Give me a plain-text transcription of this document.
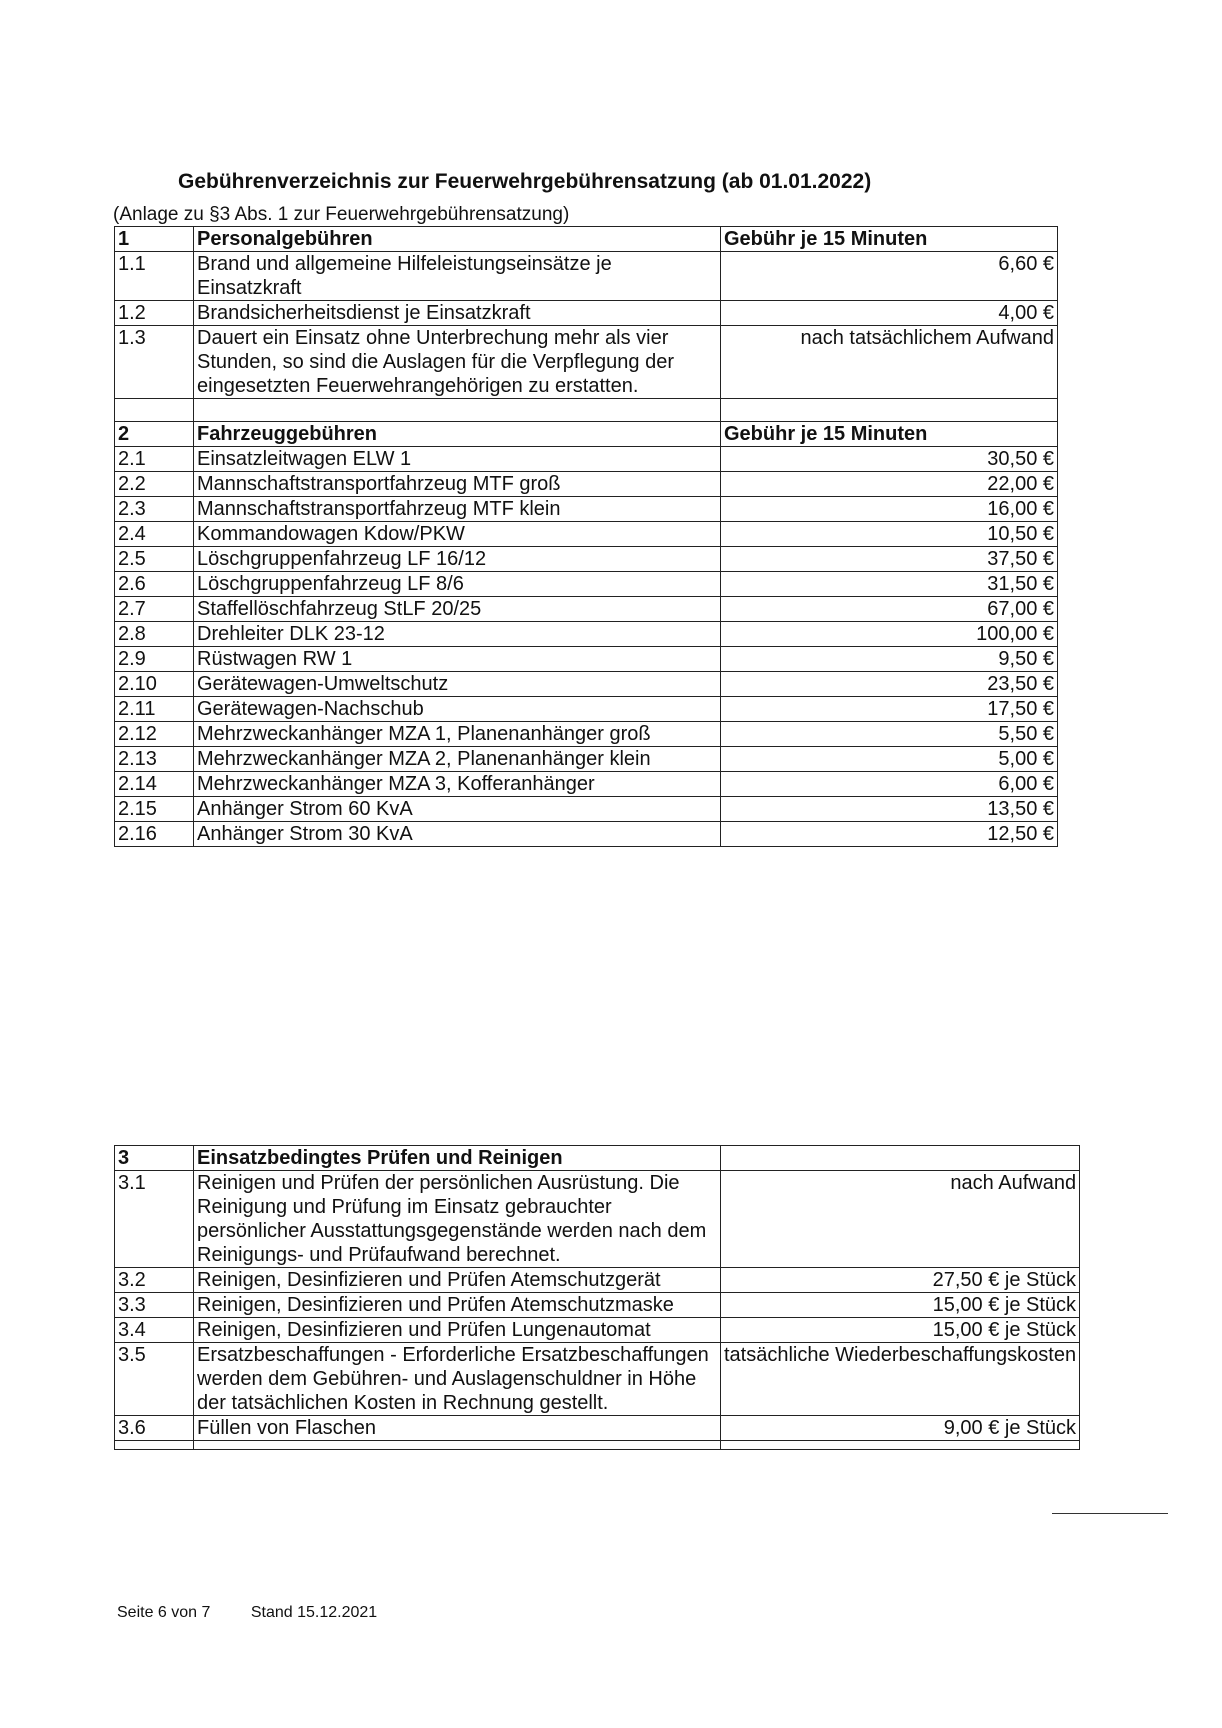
Gebührenverzeichnis zur Feuerwehrgebührensatzung (ab 01.01.2022)
(Anlage zu §3 Abs. 1 zur Feuerwehrgebührensatzung)
1	Personalgebühren	Gebühr je 15 Minuten
1.1	Brand und allgemeine Hilfeleistungseinsätze je Einsatzkraft	6,60 €
1.2	Brandsicherheitsdienst je Einsatzkraft	4,00 €
1.3	Dauert ein Einsatz ohne Unterbrechung mehr als vier Stunden, so sind die Auslagen für die Verpflegung der eingesetzten Feuerwehrangehörigen zu erstatten.	nach tatsächlichem Aufwand

2	Fahrzeuggebühren	Gebühr je 15 Minuten
2.1	Einsatzleitwagen ELW 1	30,50 €
2.2	Mannschaftstransportfahrzeug MTF groß	22,00 €
2.3	Mannschaftstransportfahrzeug MTF klein	16,00 €
2.4	Kommandowagen Kdow/PKW	10,50 €
2.5	Löschgruppenfahrzeug LF 16/12	37,50 €
2.6	Löschgruppenfahrzeug LF 8/6	31,50 €
2.7	Staffellöschfahrzeug StLF 20/25	67,00 €
2.8	Drehleiter DLK 23-12	100,00 €
2.9	Rüstwagen RW 1	9,50 €
2.10	Gerätewagen-Umweltschutz	23,50 €
2.11	Gerätewagen-Nachschub	17,50 €
2.12	Mehrzweckanhänger MZA 1, Planenanhänger groß	5,50 €
2.13	Mehrzweckanhänger MZA 2, Planenanhänger klein	5,00 €
2.14	Mehrzweckanhänger MZA 3, Kofferanhänger	6,00 €
2.15	Anhänger Strom 60 KvA	13,50 €
2.16	Anhänger Strom 30 KvA	12,50 €
3	Einsatzbedingtes Prüfen und Reinigen	
3.1	Reinigen und Prüfen der persönlichen Ausrüstung. Die Reinigung und Prüfung im Einsatz gebrauchter persönlicher Ausstattungsgegenstände werden nach dem Reinigungs- und Prüfaufwand berechnet.	nach Aufwand
3.2	Reinigen, Desinfizieren und Prüfen Atemschutzgerät	27,50 € je Stück
3.3	Reinigen, Desinfizieren und Prüfen Atemschutzmaske	15,00 € je Stück
3.4	Reinigen, Desinfizieren und Prüfen Lungenautomat	15,00 € je Stück
3.5	Ersatzbeschaffungen - Erforderliche Ersatzbeschaffungen werden dem Gebühren- und Auslagenschuldner in Höhe der tatsächlichen Kosten in Rechnung gestellt.	tatsächliche Wiederbeschaffungskosten
3.6	Füllen von Flaschen	9,00 € je Stück

Seite 6 von 7	Stand 15.12.2021
